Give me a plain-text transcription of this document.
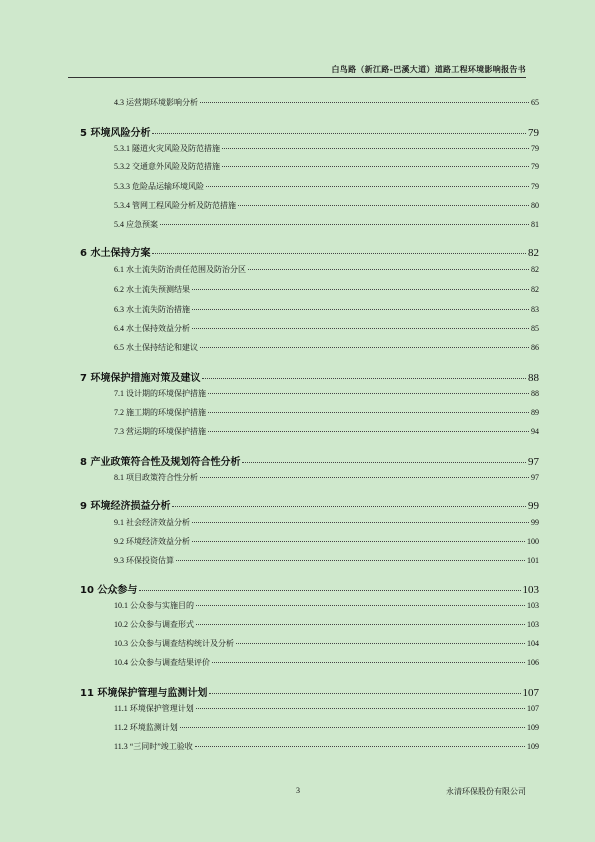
白鸟路（新江路-巴溪大道）道路工程环境影响报告书
4.3 运营期环境影响分析	65
5 环境风险分析	79
5.3.1 隧道火灾风险及防范措施	79
5.3.2 交通意外风险及防范措施	79
5.3.3 危险品运输环境风险	79
5.3.4 管网工程风险分析及防范措施	80
5.4 应急预案	81
6 水土保持方案	82
6.1 水土流失防治责任范围及防治分区	82
6.2 水土流失预测结果	82
6.3 水土流失防治措施	83
6.4 水土保持效益分析	85
6.5 水土保持结论和建议	86
7 环境保护措施对策及建议	88
7.1 设计期的环境保护措施	88
7.2 施工期的环境保护措施	89
7.3 营运期的环境保护措施	94
8 产业政策符合性及规划符合性分析	97
8.1 项目政策符合性分析	97
9 环境经济损益分析	99
9.1 社会经济效益分析	99
9.2 环境经济效益分析	100
9.3 环保投资估算	101
10 公众参与	103
10.1 公众参与实施目的	103
10.2 公众参与调查形式	103
10.3 公众参与调查结构统计及分析	104
10.4 公众参与调查结果评价	106
11 环境保护管理与监测计划	107
11.1 环境保护管理计划	107
11.2 环境监测计划	109
11.3 “三同时”竣工验收	109
3	永清环保股份有限公司
